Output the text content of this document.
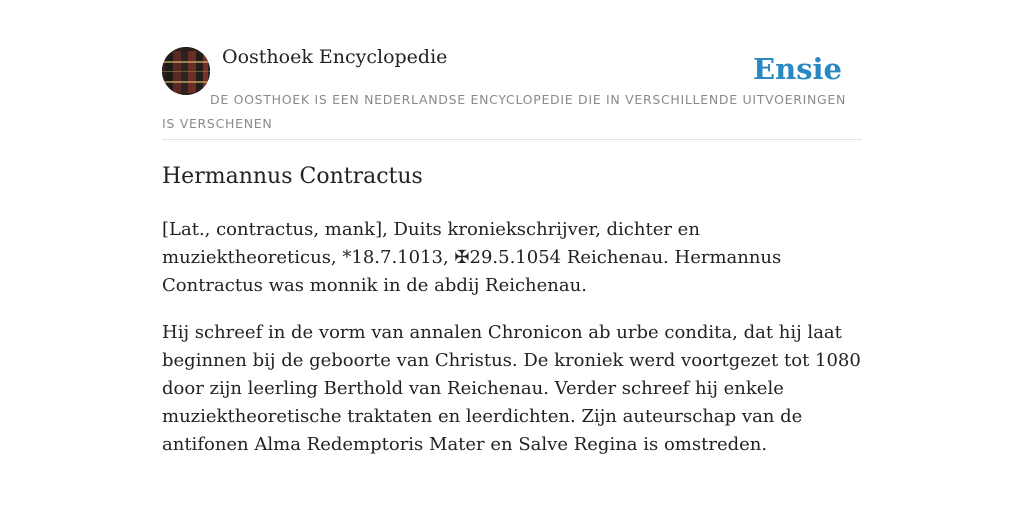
Oosthoek Encyclopedie	Ensie
DE OOSTHOEK IS EEN NEDERLANDSE ENCYCLOPEDIE DIE IN VERSCHILLENDE UITVOERINGEN IS VERSCHENEN
Hermannus Contractus

[Lat., contractus, mank], Duits kroniekschrijver, dichter en muziektheoreticus, *18.7.1013, ✠29.5.1054 Reichenau. Hermannus Contractus was monnik in de abdij Reichenau.

Hij schreef in de vorm van annalen Chronicon ab urbe condita, dat hij laat beginnen bij de geboorte van Christus. De kroniek werd voortgezet tot 1080 door zijn leerling Berthold van Reichenau. Verder schreef hij enkele muziektheoretische traktaten en leerdichten. Zijn auteurschap van de antifonen Alma Redemptoris Mater en Salve Regina is omstreden.
